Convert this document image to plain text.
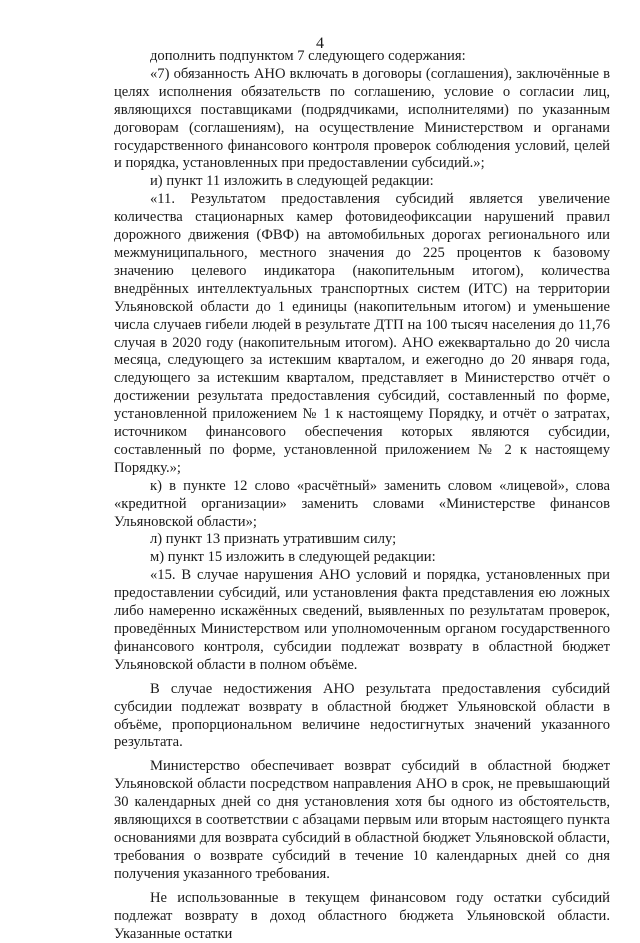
4

дополнить подпунктом 7 следующего содержания:

«7) обязанность АНО включать в договоры (соглашения), заключённые в целях исполнения обязательств по соглашению, условие о согласии лиц, являющихся поставщиками (подрядчиками, исполнителями) по указанным договорам (соглашениям), на осуществление Министерством и органами государственного финансового контроля проверок соблюдения условий, целей и порядка, установленных при предоставлении субсидий.»;

и) пункт 11 изложить в следующей редакции:

«11. Результатом предоставления субсидий является увеличение количества стационарных камер фотовидеофиксации нарушений правил дорожного движения (ФВФ) на автомобильных дорогах регионального или межмуниципального, местного значения до 225 процентов к базовому значению целевого индикатора (накопительным итогом), количества внедрённых интеллектуальных транспортных систем (ИТС) на территории Ульяновской области до 1 единицы (накопительным итогом) и уменьшение числа случаев гибели людей в результате ДТП на 100 тысяч населения до 11,76 случая в 2020 году (накопительным итогом). АНО ежеквартально до 20 числа месяца, следующего за истекшим кварталом, и ежегодно до 20 января года, следующего за истекшим кварталом, представляет в Министерство отчёт о достижении результата предоставления субсидий, составленный по форме, установленной приложением № 1 к настоящему Порядку, и отчёт о затратах, источником финансового обеспечения которых являются субсидии, составленный по форме, установленной приложением № 2 к настоящему Порядку.»;

к) в пункте 12 слово «расчётный» заменить словом «лицевой», слова «кредитной организации» заменить словами «Министерстве финансов Ульяновской области»;

л) пункт 13 признать утратившим силу;

м) пункт 15 изложить в следующей редакции:

«15. В случае нарушения АНО условий и порядка, установленных при предоставлении субсидий, или установления факта представления ею ложных либо намеренно искажённых сведений, выявленных по результатам проверок, проведённых Министерством или уполномоченным органом государственного финансового контроля, субсидии подлежат возврату в областной бюджет Ульяновской области в полном объёме.

В случае недостижения АНО результата предоставления субсидий субсидии подлежат возврату в областной бюджет Ульяновской области в объёме, пропорциональном величине недостигнутых значений указанного результата.

Министерство обеспечивает возврат субсидий в областной бюджет Ульяновской области посредством направления АНО в срок, не превышающий 30 календарных дней со дня установления хотя бы одного из обстоятельств, являющихся в соответствии с абзацами первым или вторым настоящего пункта основаниями для возврата субсидий в областной бюджет Ульяновской области, требования о возврате субсидий в течение 10 календарных дней со дня получения указанного требования.

Не использованные в текущем финансовом году остатки субсидий подлежат возврату в доход областного бюджета Ульяновской области. Указанные остатки
